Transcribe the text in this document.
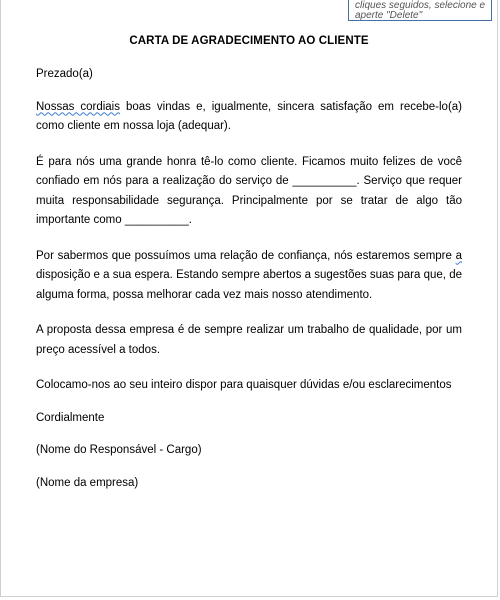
cliques seguidos, selecione e
aperte "Delete"
CARTA DE AGRADECIMENTO AO CLIENTE

Prezado(a)

Nossas cordiais boas vindas e, igualmente, sincera satisfação em recebe-lo(a) como cliente em nossa loja (adequar).

É para nós uma grande honra tê-lo como cliente. Ficamos muito felizes de você confiado em nós para a realização do serviço de __________. Serviço que requer muita responsabilidade segurança. Principalmente por se tratar de algo tão importante como __________.

Por sabermos que possuímos uma relação de confiança, nós estaremos sempre a disposição e a sua espera. Estando sempre abertos a sugestões suas para que, de alguma forma, possa melhorar cada vez mais nosso atendimento.

A proposta dessa empresa é de sempre realizar um trabalho de qualidade, por um preço acessível a todos.

Colocamo-nos ao seu inteiro dispor para quaisquer dúvidas e/ou esclarecimentos

Cordialmente

(Nome do Responsável - Cargo)

(Nome da empresa)
